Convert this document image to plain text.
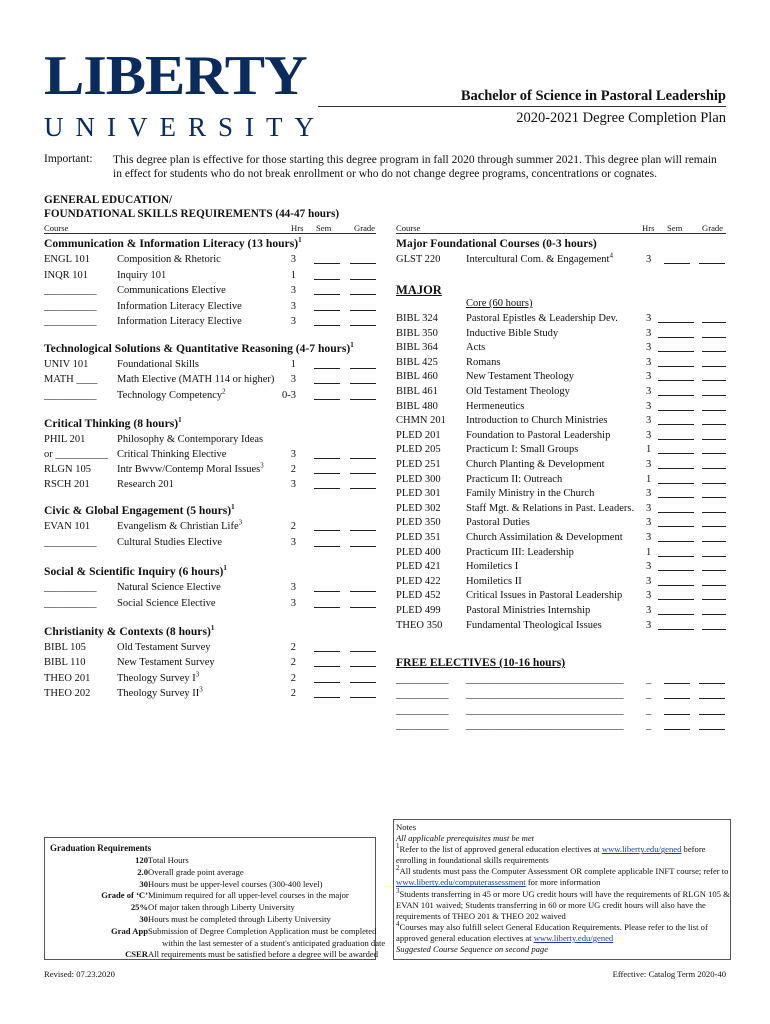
LIBERTY
UNIVERSITY
Bachelor of Science in Pastoral Leadership
2020-2021 Degree Completion Plan
Important: This degree plan is effective for those starting this degree program in fall 2020 through summer 2021. This degree plan will remain in effect for students who do not break enrollment or who do not change degree programs, concentrations or cognates.
GENERAL EDUCATION/
FOUNDATIONAL SKILLS REQUIREMENTS (44-47 hours)
Course	Hrs Sem	Grade Course	Hrs Sem Grade
Communication & Information Literacy (13 hours)$^1$
ENGL 101	Composition & Rhetoric	3
INQR 101	Inquiry 101	1
__________ Communications Elective	3
__________ Information Literacy Elective	3
__________ Information Literacy Elective	3
Technological Solutions & Quantitative Reasoning (4-7 hours)$^1$
UNIV 101	Foundational Skills	1
MATH ____ Math Elective (MATH 114 or higher) 3
__________ Technology Competency$^2$	0-3
Critical Thinking (8 hours)$^1$
PHIL 201	Philosophy & Contemporary Ideas
or __________ Critical Thinking Elective	3
RLGN 105 Intr Bwvw/Contemp Moral Issues$^3$	2
RSCH 201	Research 201	3
Civic & Global Engagement (5 hours)$^1$
EVAN 101	Evangelism & Christian Life$^3$	2
__________ Cultural Studies Elective	3
Social & Scientific Inquiry (6 hours)$^1$
__________ Natural Science Elective	3
__________ Social Science Elective	3
Christianity & Contexts (8 hours)$^1$
BIBL 105	Old Testament Survey	2
BIBL 110	New Testament Survey	2
THEO 201	Theology Survey $I^3$	2
THEO 202	Theology Survey $II^3$	2
Major Foundational Courses (0-3 hours)
GLST 220 Intercultural Com. & Engagement$^4$	3
MAJOR
Core (60 hours)
BIBL 324	Pastoral Epistles & Leadership Dev.	3
BIBL 350	Inductive Bible Study	3
BIBL 364	Acts	3
BIBL 425	Romans	3
BIBL 460	New Testament Theology	3
BIBL 461	Old Testament Theology	3
BIBL 480	Hermeneutics	3
CHMN 201 Introduction to Church Ministries	3
PLED 201 Foundation to Pastoral Leadership	3
PLED 205 Practicum I: Small Groups	1
PLED 251 Church Planting & Development	3
PLED 300 Practicum II: Outreach	1
PLED 301 Family Ministry in the Church	3
PLED 302 Staff Mgt. & Relations in Past. Leaders. 3
PLED 350 Pastoral Duties	3
PLED 351 Church Assimilation & Development 3
PLED 400 Practicum III: Leadership	1
PLED 421 Homiletics I	3
PLED 422 Homiletics II	3
PLED 452 Critical Issues in Pastoral Leadership 3
PLED 499 Pastoral Ministries Internship	3
THEO 350 Fundamental Theological Issues	3
FREE ELECTIVES (10-16 hours)
__________ ______________________________ _
__________ ______________________________ _
__________ ______________________________ _
__________ ______________________________ _
Graduation Requirements
120 Total Hours
2.0 Overall grade point average
30 Hours must be upper-level courses (300-400 level)
Grade of ‘C’ Minimum required for all upper-level courses in the major
25% Of major taken through Liberty University
30 Hours must be completed through Liberty University
Grad App Submission of Degree Completion Application must be completed
within the last semester of a student's anticipated graduation date
CSER All requirements must be satisfied before a degree will be awarded
Notes
All applicable prerequisites must be met
$^1$Refer to the list of approved general education electives at www.liberty.edu/gened before enrolling in foundational skills requirements
$^2$All students must pass the Computer Assessment OR complete applicable INFT course; refer to www.liberty.edu/computerassessment for more information
$^3$Students transferring in 45 or more UG credit hours will have the requirements of RLGN 105 & EVAN 101 waived; Students transferring in 60 or more UG credit hours will also have the requirements of THEO 201 & THEO 202 waived
$^4$Courses may also fulfill select General Education Requirements. Please refer to the list of approved general education electives at www.liberty.edu/gened
Suggested Course Sequence on second page
Revised: 07.23.2020	Effective: Catalog Term 2020-40
